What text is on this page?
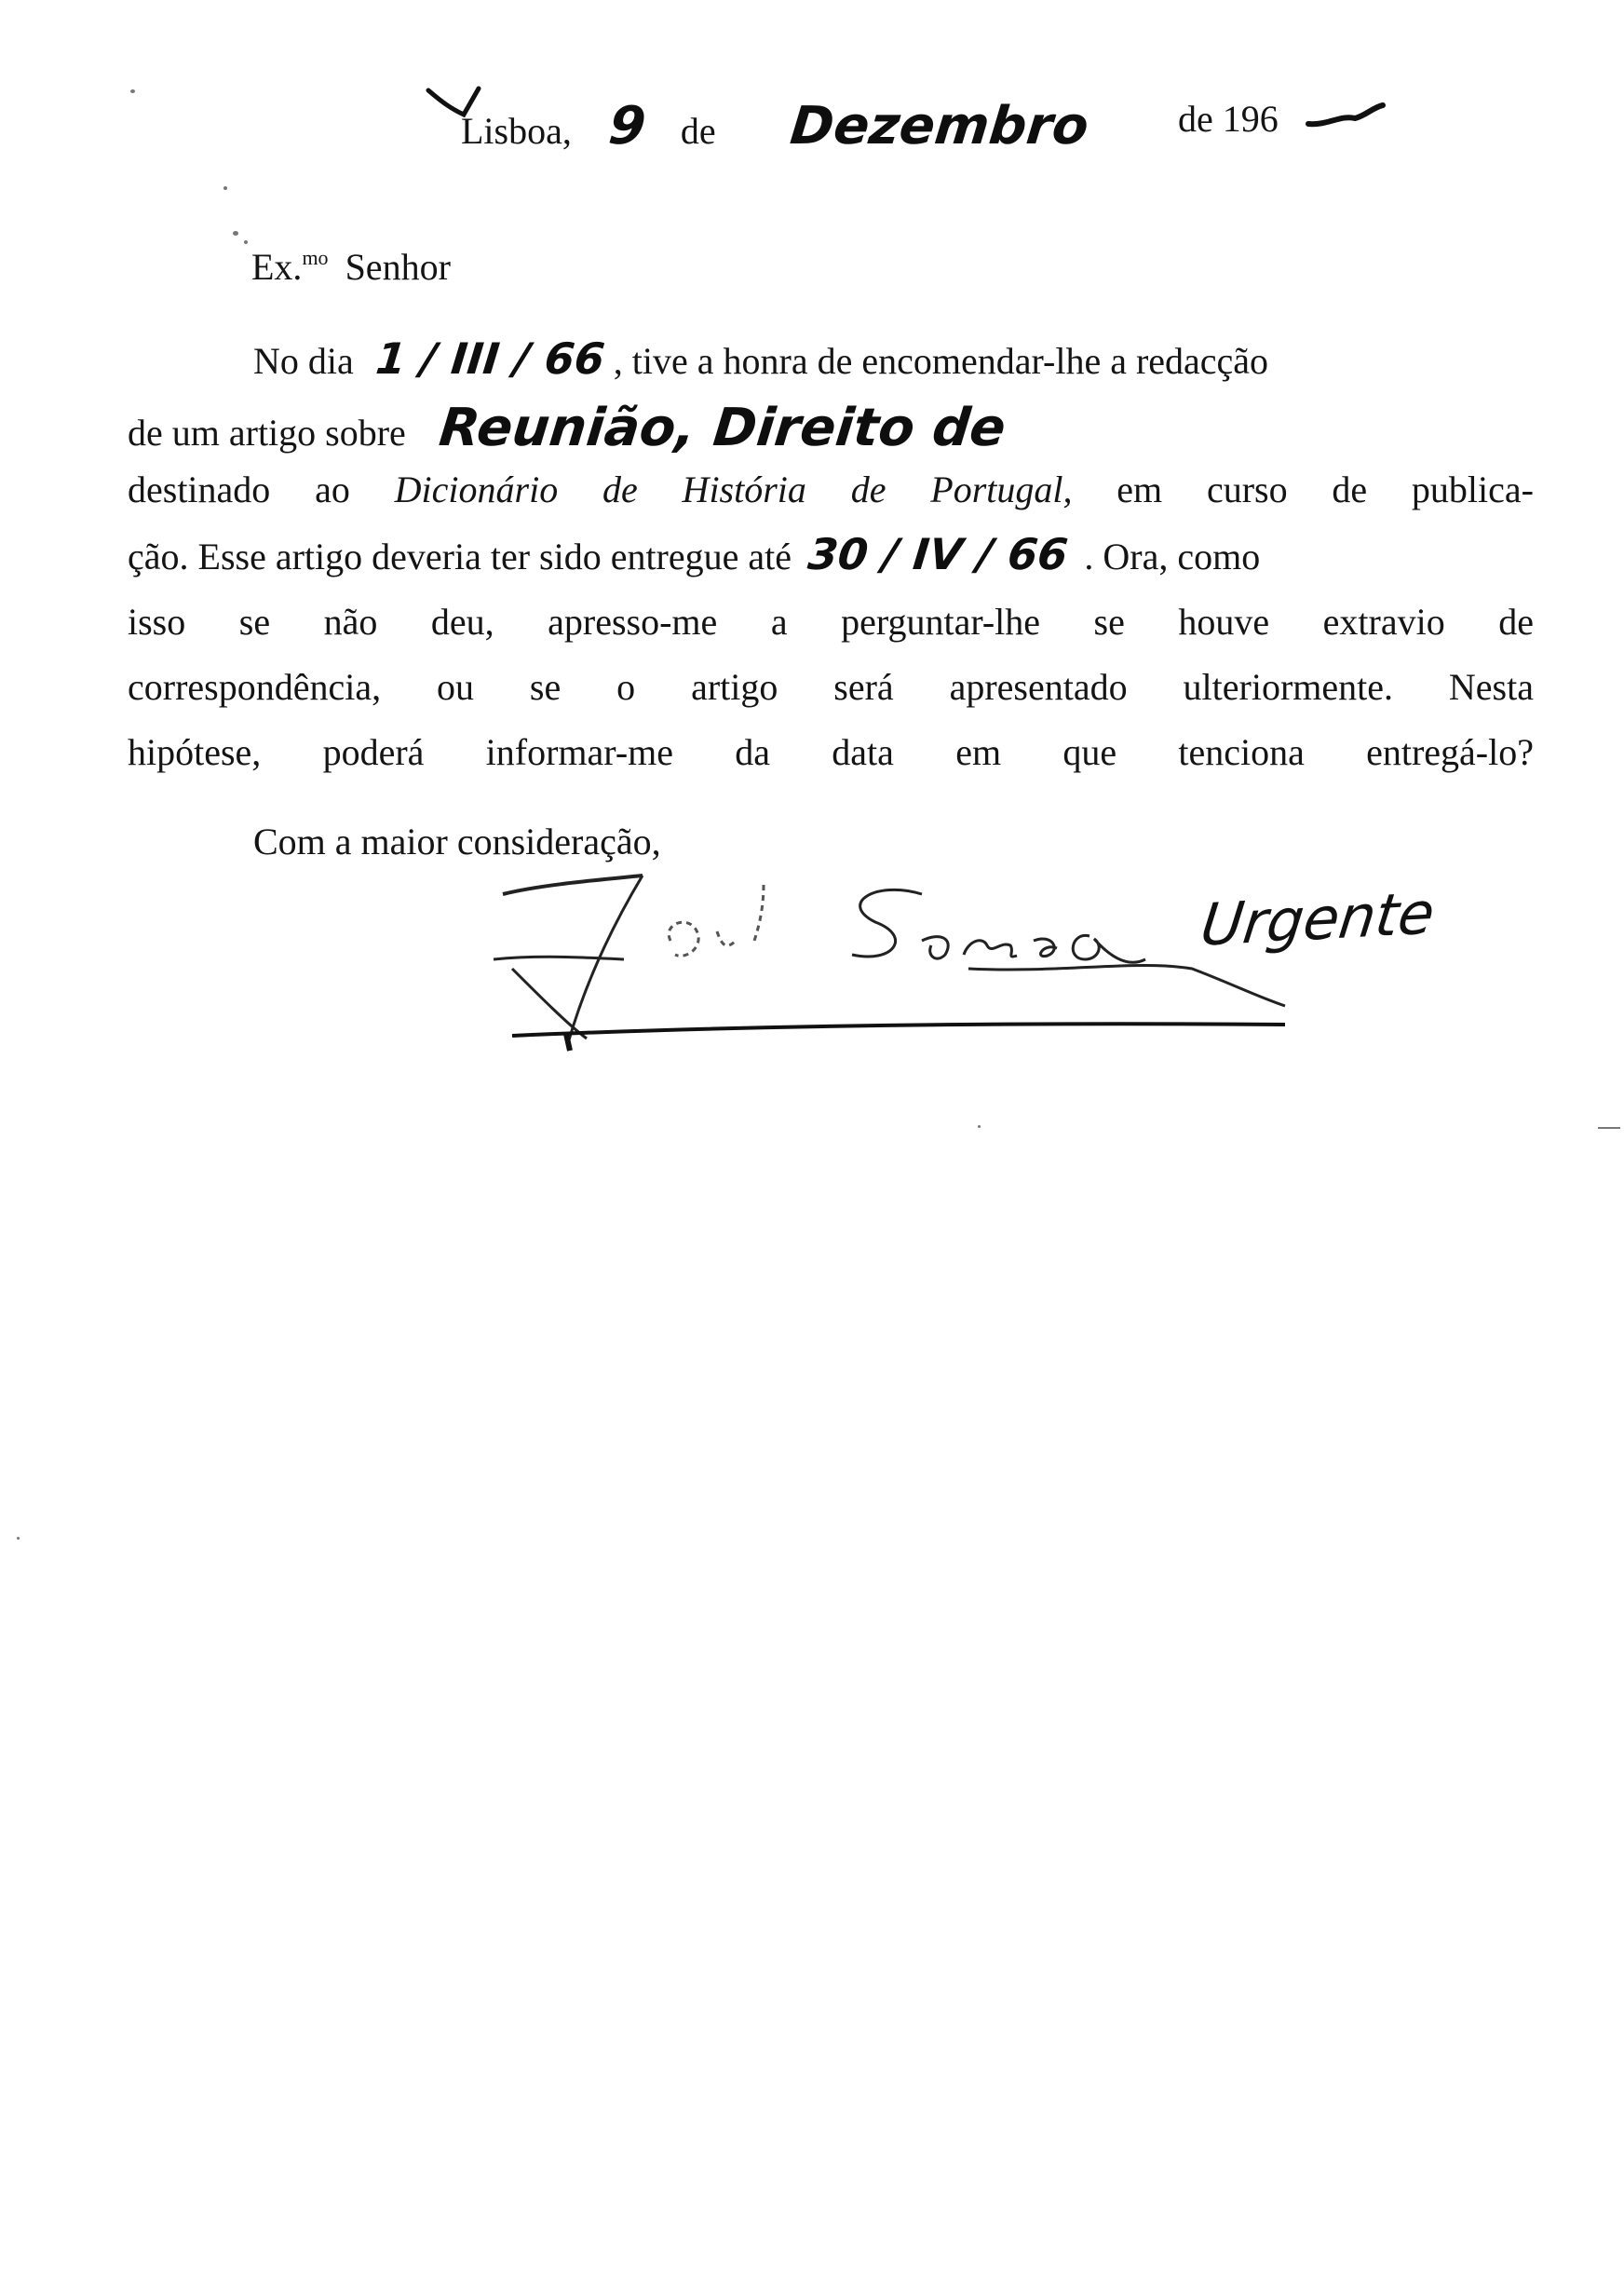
Lisboa, 9 de Dezembro de 196
Ex.$^{mo}$ Senhor
No dia 1 / III / 66 , tive a honra de encomendar-lhe a redacção
de um artigo sobre Reunião, Direito de
destinado ao Dicionário de História de Portugal, em curso de publica-
ção. Esse artigo deveria ter sido entregue até 30 / IV / 66 . Ora, como
isso se não deu, apresso-me a perguntar-lhe se houve extravio de
correspondência, ou se o artigo será apresentado ulteriormente. Nesta
hipótese, poderá informar-me da data em que tenciona entregá-lo?
Com a maior consideração,
Urgente
